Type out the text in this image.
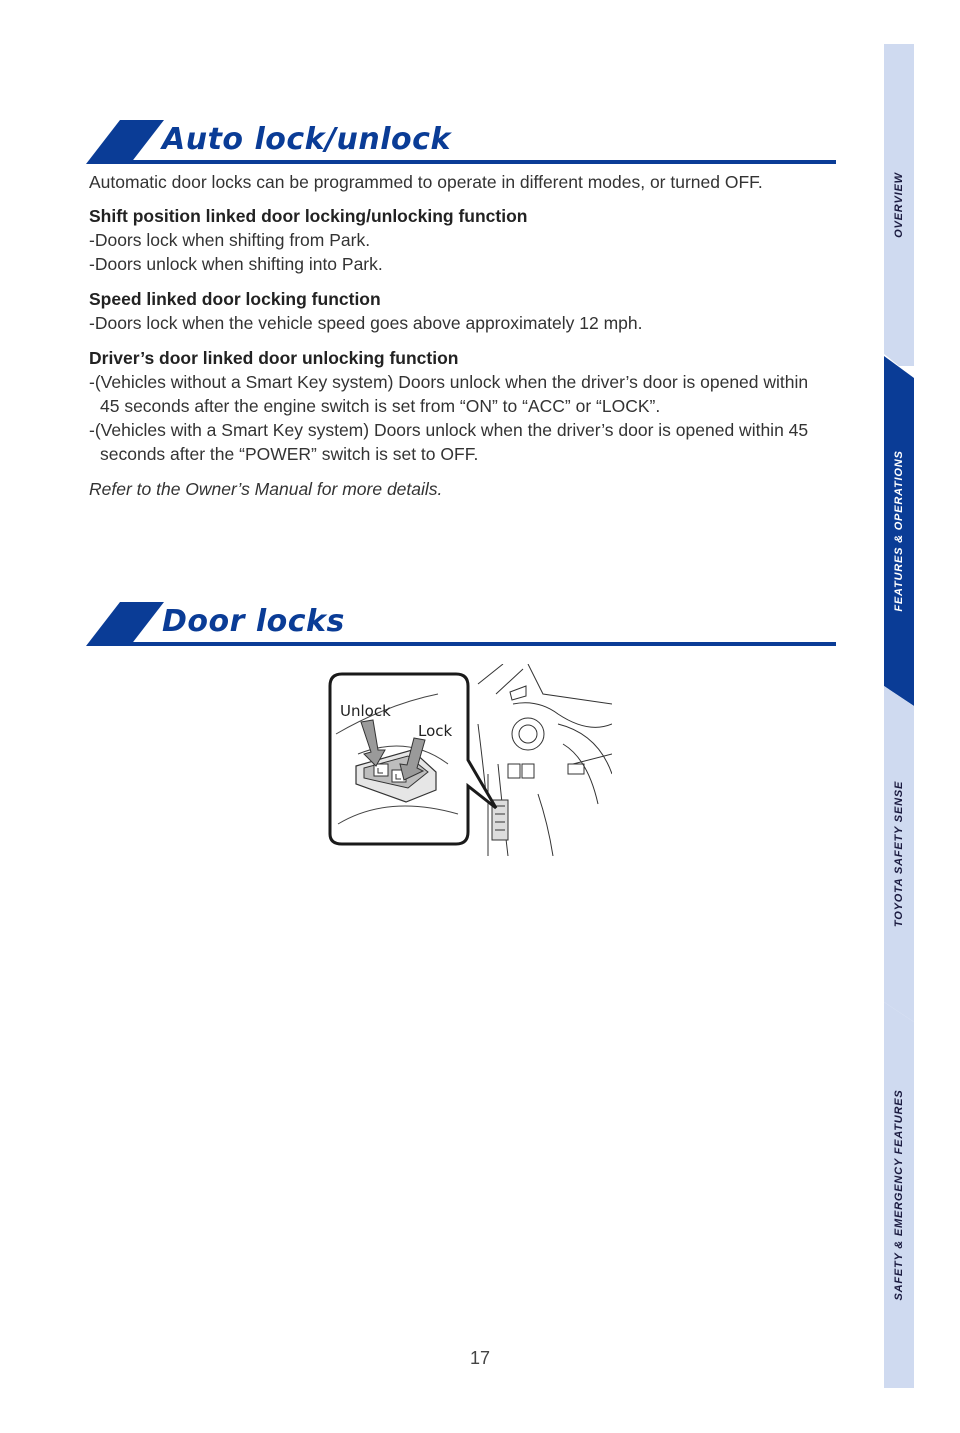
Auto lock/unlock

Automatic door locks can be programmed to operate in different modes, or turned OFF.

Shift position linked door locking/unlocking function

-Doors lock when shifting from Park.

-Doors unlock when shifting into Park.

Speed linked door locking function

-Doors lock when the vehicle speed goes above approximately 12 mph.

Driver’s door linked door unlocking function

-(Vehicles without a Smart Key system) Doors unlock when the driver’s door is opened within 45 seconds after the engine switch is set from “ON” to “ACC” or “LOCK”.

-(Vehicles with a Smart Key system) Doors unlock when the driver’s door is opened within 45 seconds after the “POWER” switch is set to OFF.

Refer to the Owner’s Manual for more details.

Door locks
Unlock
Lock
17
OVERVIEW
FEATURES & OPERATIONS
TOYOTA SAFETY SENSE
SAFETY & EMERGENCY FEATURES
